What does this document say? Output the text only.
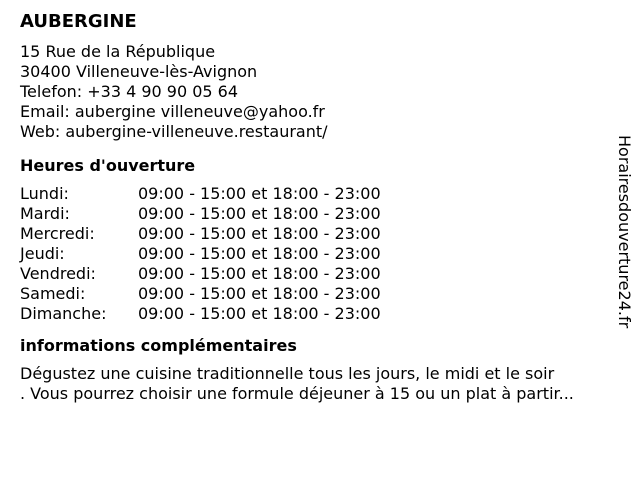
AUBERGINE
15 Rue de la République
30400 Villeneuve-lès-Avignon
Telefon: +33 4 90 90 05 64
Email: aubergine villeneuve@yahoo.fr
Web: aubergine-villeneuve.restaurant/
Heures d'ouverture
Lundi:	09:00 - 15:00 et 18:00 - 23:00
Mardi:	09:00 - 15:00 et 18:00 - 23:00
Mercredi:	09:00 - 15:00 et 18:00 - 23:00
Jeudi:	09:00 - 15:00 et 18:00 - 23:00
Vendredi:	09:00 - 15:00 et 18:00 - 23:00
Samedi:	09:00 - 15:00 et 18:00 - 23:00
Dimanche: 09:00 - 15:00 et 18:00 - 23:00
informations complémentaires
Dégustez une cuisine traditionnelle tous les jours, le midi et le soir
. Vous pourrez choisir une formule déjeuner à 15 ou un plat à partir...
Horairesdouverture24.fr
